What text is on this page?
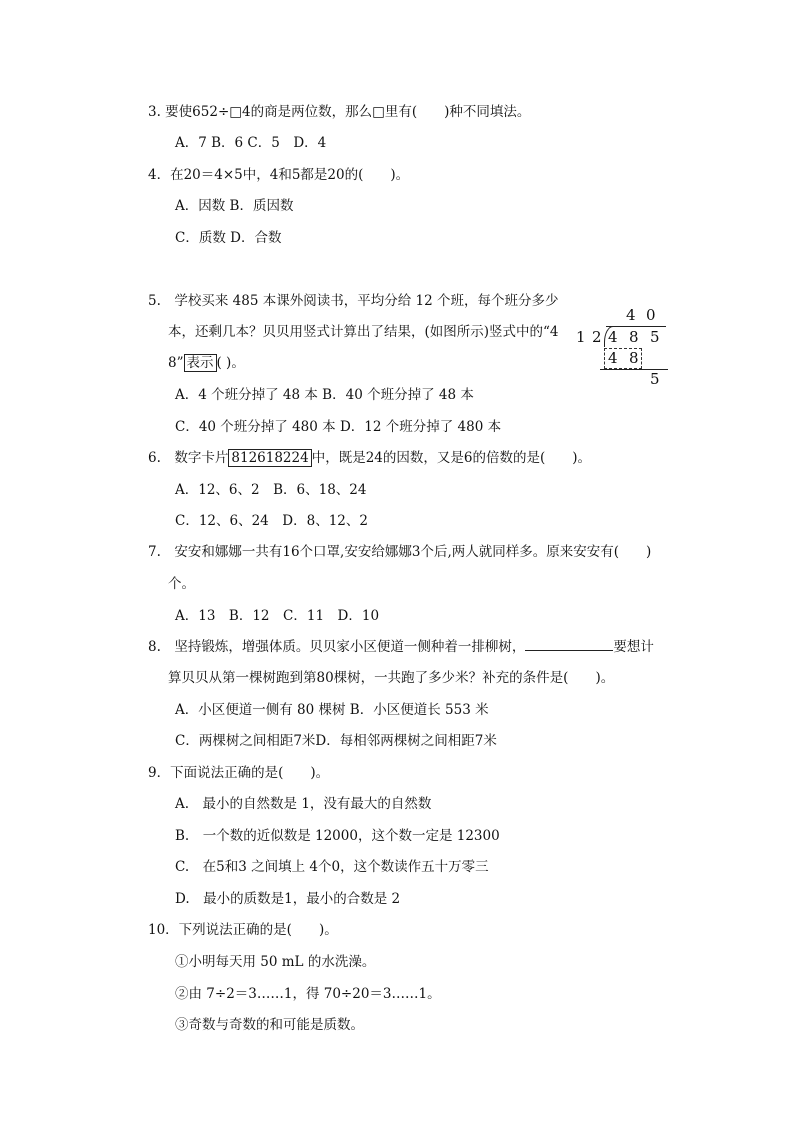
3. 要使652÷□4的商是两位数，那么□里有(　　)种不同填法。
A．7 B．6 C．5　D．4
4．在20＝4×5中，4和5都是20的(　　)。
A．因数 B．质因数
C．质数 D．合数
5.　学校买来 485 本课外阅读书，平均分给 12 个班，每个班分多少
本，还剩几本？贝贝用竖式计算出了结果，(如图所示)竖式中的“4
8” 表示 ( )。
A．4 个班分掉了 48 本 B．40 个班分掉了 48 本
C．40 个班分掉了 480 本 D．12 个班分掉了 480 本
4 0
1 2 4 8 5
4 8
5
6.　数字卡片 812618224 中，既是24的因数，又是6的倍数的是(　　)。
A．12、6、2　B．6、18、24
C．12、6、24　D．8、12、2
7.　安安和娜娜一共有16个口罩,安安给娜娜3个后,两人就同样多。原来安安有(　　)
个。
A．13　B．12　C．11　D．10
8.　坚持锻炼，增强体质。贝贝家小区便道一侧种着一排柳树，	要想计
算贝贝从第一棵树跑到第80棵树，一共跑了多少米？补充的条件是(　　)。
A．小区便道一侧有 80 棵树 B．小区便道长 553 米
C．两棵树之间相距7米D．每相邻两棵树之间相距7米
9．下面说法正确的是(　　)。
A.　最小的自然数是 1，没有最大的自然数
B.　一个数的近似数是 12000，这个数一定是 12300
C.　在5和3 之间填上 4个0，这个数读作五十万零三
D.　最小的质数是1，最小的合数是 2
10．下列说法正确的是(　　)。
①小明每天用 50 mL 的水洗澡。
②由 7÷2＝3……1，得 70÷20＝3……1。
③奇数与奇数的和可能是质数。
